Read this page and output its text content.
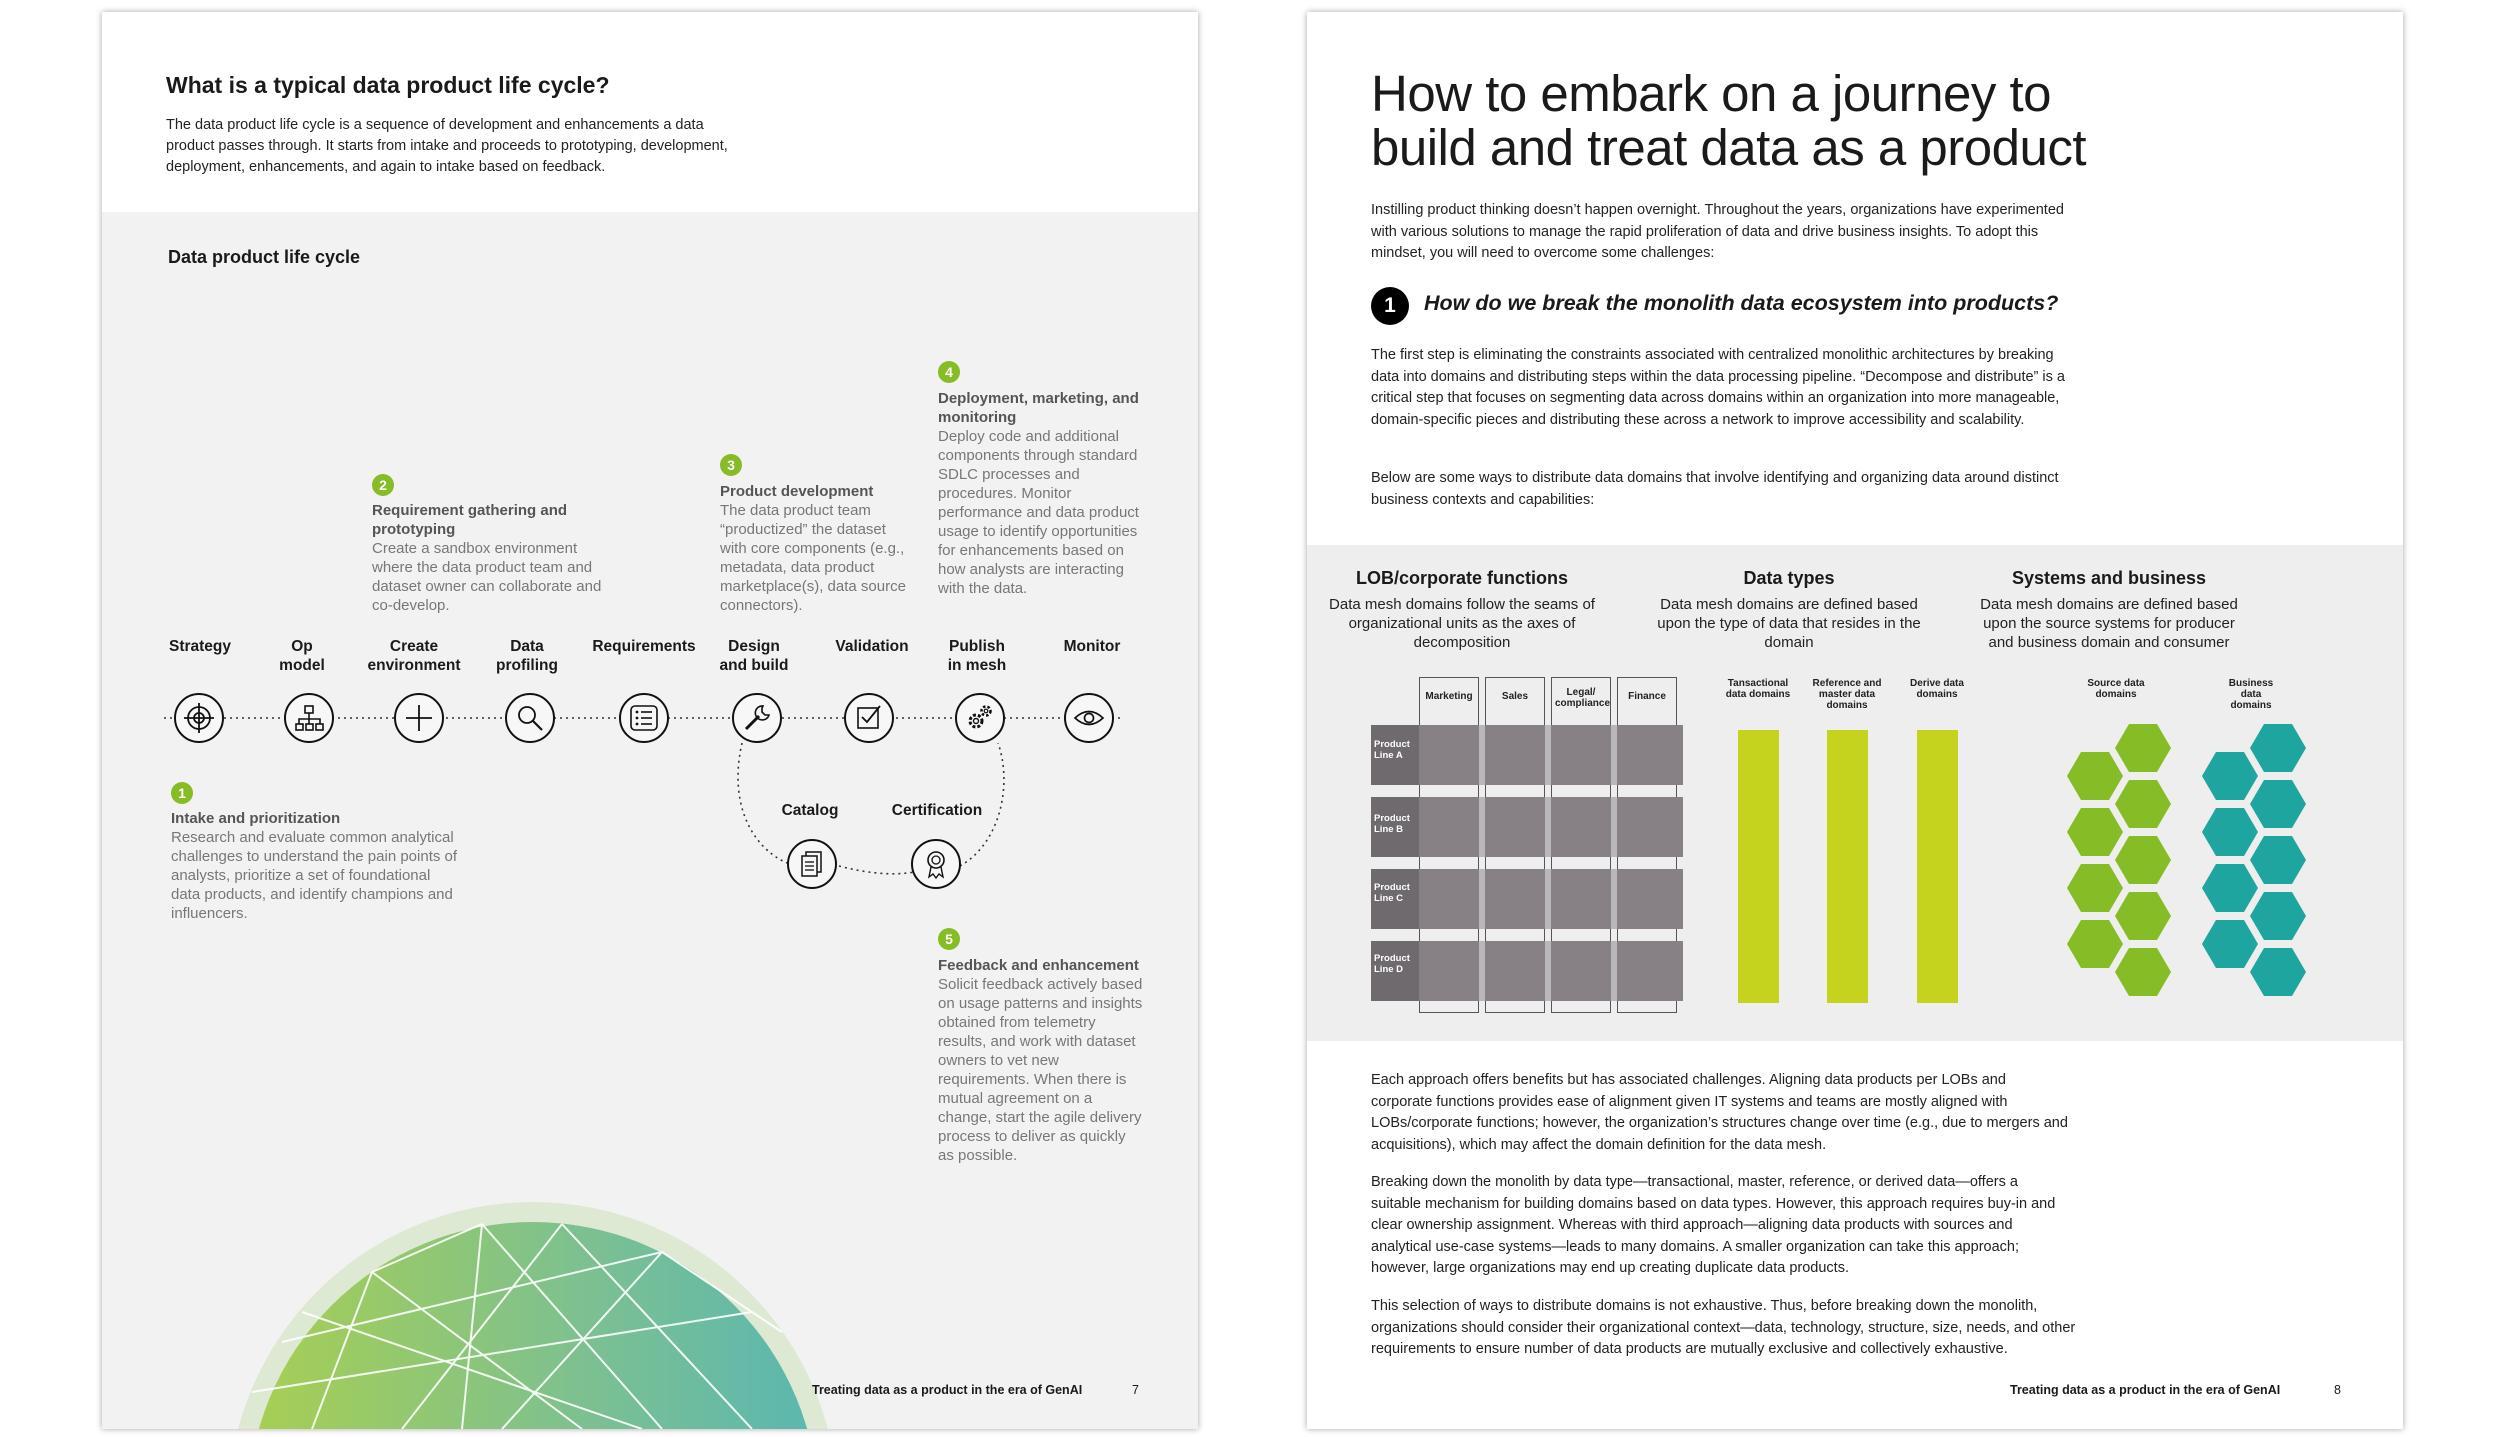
What is a typical data product life cycle?
The data product life cycle is a sequence of development and enhancements a data product passes through. It starts from intake and proceeds to prototyping, development, deployment, enhancements, and again to intake based on feedback.
Data product life cycle
Strategy	Op model
Create environment
Data profiling
Requirements	Design and build
Validation	Publish in mesh
Monitor
Catalog	Certification
1
Intake and prioritization
Research and evaluate common analytical challenges to understand the pain points of analysts, prioritize a set of foundational data products, and identify champions and influencers.
2
Requirement gathering and prototyping
Create a sandbox environment where the data product team and dataset owner can collaborate and co-develop.
3
Product development
The data product team “productized” the dataset with core components (e.g., metadata, data product marketplace(s), data source connectors).
4
Deployment, marketing, and monitoring
Deploy code and additional components through standard SDLC processes and procedures. Monitor performance and data product usage to identify opportunities for enhancements based on how analysts are interacting with the data.
5
Feedback and enhancement
Solicit feedback actively based on usage patterns and insights obtained from telemetry results, and work with dataset owners to vet new requirements. When there is mutual agreement on a change, start the agile delivery process to deliver as quickly as possible.
Treating data as a product in the era of GenAI	7
How to embark on a journey to build and treat data as a product
Instilling product thinking doesn’t happen overnight. Throughout the years, organizations have experimented with various solutions to manage the rapid proliferation of data and drive business insights. To adopt this mindset, you will need to overcome some challenges:
1	How do we break the monolith data ecosystem into products?
The first step is eliminating the constraints associated with centralized monolithic architectures by breaking data into domains and distributing steps within the data processing pipeline. “Decompose and distribute” is a critical step that focuses on segmenting data across domains within an organization into more manageable, domain-specific pieces and distributing these across a network to improve accessibility and scalability.
Below are some ways to distribute data domains that involve identifying and organizing data around distinct business contexts and capabilities:
LOB/corporate functions
Data mesh domains follow the seams of organizational units as the axes of decomposition
Data types
Data mesh domains are defined based upon the type of data that resides in the domain
Systems and business
Data mesh domains are defined based upon the source systems for producer and business domain and consumer
Marketing	Sales	Legal/ compliance
Finance
Product Line A
Product Line B
Product Line C
Product Line D
Tansactional data domains
Reference and master data domains
Derive data domains
Source data domains
Business data domains
Each approach offers benefits but has associated challenges. Aligning data products per LOBs and corporate functions provides ease of alignment given IT systems and teams are mostly aligned with LOBs/corporate functions; however, the organization’s structures change over time (e.g., due to mergers and acquisitions), which may affect the domain definition for the data mesh.
Breaking down the monolith by data type—transactional, master, reference, or derived data—offers a suitable mechanism for building domains based on data types. However, this approach requires buy-in and clear ownership assignment. Whereas with third approach—aligning data products with sources and analytical use-case systems—leads to many domains. A smaller organization can take this approach; however, large organizations may end up creating duplicate data products.
This selection of ways to distribute domains is not exhaustive. Thus, before breaking down the monolith, organizations should consider their organizational context—data, technology, structure, size, needs, and other requirements to ensure number of data products are mutually exclusive and collectively exhaustive.
Treating data as a product in the era of GenAI	8
